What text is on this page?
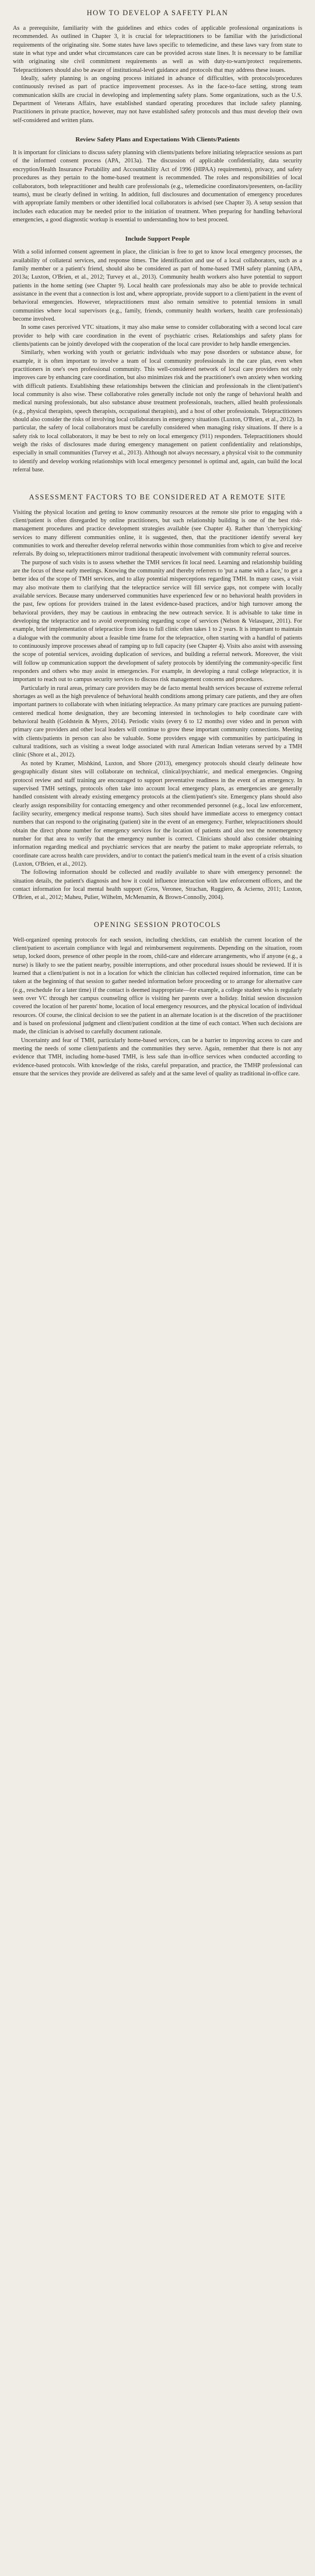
HOW TO DEVELOP A SAFETY PLAN

As a prerequisite, familiarity with the guidelines and ethics codes of applicable professional organizations is recommended. As outlined in Chapter 3, it is crucial for telepractitioners to be familiar with the jurisdictional requirements of the originating site. Some states have laws specific to telemedicine, and these laws vary from state to state in what type and under what circumstances care can be provided across state lines. It is necessary to be familiar with originating site civil commitment requirements as well as with duty-to-warn/protect requirements. Telepractitioners should also be aware of institutional-level guidance and protocols that may address these issues.

Ideally, safety planning is an ongoing process initiated in advance of difficulties, with protocols/procedures continuously revised as part of practice improvement processes. As in the face-to-face setting, strong team communication skills are crucial in developing and implementing safety plans. Some organizations, such as the U.S. Department of Veterans Affairs, have established standard operating procedures that include safety planning. Practitioners in private practice, however, may not have established safety protocols and thus must develop their own self-considered and written plans.

Review Safety Plans and Expectations With Clients/Patients

It is important for clinicians to discuss safety planning with clients/patients before initiating telepractice sessions as part of the informed consent process (APA, 2013a). The discussion of applicable confidentiality, data security encryption/Health Insurance Portability and Accountability Act of 1996 (HIPAA) requirements), privacy, and safety procedures as they pertain to the home-based treatment is recommended. The roles and responsibilities of local collaborators, both telepractitioner and health care professionals (e.g., telemedicine coordinators/presenters, on-facility teams), must be clearly defined in writing. In addition, full disclosures and documentation of emergency procedures with appropriate family members or other identified local collaborators is advised (see Chapter 3). A setup session that includes each education may be needed prior to the initiation of treatment. When preparing for handling behavioral emergencies, a good diagnostic workup is essential to understanding how to best proceed.

Include Support People

With a solid informed consent agreement in place, the clinician is free to get to know local emergency processes, the availability of collateral services, and response times. The identification and use of a local collaborators, such as a family member or a patient's friend, should also be considered as part of home-based TMH safety planning (APA, 2013a; Luxton, O'Brien, et al., 2012; Turvey et al., 2013). Community health workers also have potential to support patients in the home setting (see Chapter 9). Local health care professionals may also be able to provide technical assistance in the event that a connection is lost and, where appropriate, provide support to a client/patient in the event of behavioral emergencies. However, telepractitioners must also remain sensitive to potential tensions in small communities where local supervisors (e.g., family, friends, community health workers, health care professionals) become involved.

In some cases perceived VTC situations, it may also make sense to consider collaborating with a second local care provider to help with care coordination in the event of psychiatric crises. Relationships and safety plans for clients/patients can be jointly developed with the cooperation of the local care provider to help handle emergencies.

Similarly, when working with youth or geriatric individuals who may pose disorders or substance abuse, for example, it is often important to involve a team of local community professionals in the care plan, even when practitioners in one's own professional community. This well-considered network of local care providers not only improves care by enhancing care coordination, but also minimizes risk and the practitioner's own anxiety when working with difficult patients. Establishing these relationships between the clinician and professionals in the client/patient's local community is also wise. These collaborative roles generally include not only the range of behavioral health and medical nursing professionals, but also substance abuse treatment professionals, teachers, allied health professionals (e.g., physical therapists, speech therapists, occupational therapists), and a host of other professionals. Telepractitioners should also consider the risks of involving local collaborators in emergency situations (Luxton, O'Brien, et al., 2012). In particular, the safety of local collaborators must be carefully considered when managing risky situations. If there is a safety risk to local collaborators, it may be best to rely on local emergency (911) responders. Telepractitioners should weigh the risks of disclosures made during emergency management on patient confidentiality and relationships, especially in small communities (Turvey et al., 2013). Although not always necessary, a physical visit to the community to identify and develop working relationships with local emergency personnel is optimal and, again, can build the local referral base.

ASSESSMENT FACTORS TO BE CONSIDERED AT A REMOTE SITE

Visiting the physical location and getting to know community resources at the remote site prior to engaging with a client/patient is often disregarded by online practitioners, but such relationship building is one of the best risk-management procedures and practice development strategies available (see Chapter 4). Rather than 'cherrypicking' services to many different communities online, it is suggested, then, that the practitioner identify several key communities to work and thereafter develop referral networks within those communities from which to give and receive referrals. By doing so, telepractitioners mirror traditional therapeutic involvement with community referral sources.

The purpose of such visits is to assess whether the TMH services fit local need. Learning and relationship building are the focus of these early meetings. Knowing the community and thereby referrers to 'put a name with a face,' to get a better idea of the scope of TMH services, and to allay potential misperceptions regarding TMH. In many cases, a visit may also motivate them to clarifying that the telepractice service will fill service gaps, not compete with locally available services. Because many underserved communities have experienced few or no behavioral health providers in the past, few options for providers trained in the latest evidence-based practices, and/or high turnover among the behavioral providers, they may be cautious in embracing the new outreach service. It is advisable to take time in developing the telepractice and to avoid overpromising regarding scope of services (Nelson & Velasquez, 2011). For example, brief implementation of telepractice from idea to full clinic often takes 1 to 2 years. It is important to maintain a dialogue with the community about a feasible time frame for the telepractice, often starting with a handful of patients to continuously improve processes ahead of ramping up to full capacity (see Chapter 4). Visits also assist with assessing the scope of potential services, avoiding duplication of services, and building a referral network. Moreover, the visit will follow up communication support the development of safety protocols by identifying the community-specific first responders and others who may assist in emergencies. For example, in developing a rural college telepractice, it is important to reach out to campus security services to discuss risk management concerns and procedures.

Particularly in rural areas, primary care providers may be de facto mental health services because of extreme referral shortages as well as the high prevalence of behavioral health conditions among primary care patients, and they are often important partners to collaborate with when initiating telepractice. As many primary care practices are pursuing patient-centered medical home designation, they are becoming interested in technologies to help coordinate care with behavioral health (Goldstein & Myers, 2014). Periodic visits (every 6 to 12 months) over video and in person with primary care providers and other local leaders will continue to grow these important community connections. Meeting with clients/patients in person can also be valuable. Some providers engage with communities by participating in cultural traditions, such as visiting a sweat lodge associated with rural American Indian veterans served by a TMH clinic (Shore et al., 2012).

As noted by Kramer, Mishkind, Luxton, and Shore (2013), emergency protocols should clearly delineate how geographically distant sites will collaborate on technical, clinical/psychiatric, and medical emergencies. Ongoing protocol review and staff training are encouraged to support preventative readiness in the event of an emergency. In supervised TMH settings, protocols often take into account local emergency plans, as emergencies are generally handled consistent with already existing emergency protocols at the client/patient's site. Emergency plans should also clearly assign responsibility for contacting emergency and other recommended personnel (e.g., local law enforcement, facility security, emergency medical response teams). Such sites should have immediate access to emergency contact numbers that can respond to the originating (patient) site in the event of an emergency. Further, telepractitioners should obtain the direct phone number for emergency services for the location of patients and also test the nonemergency number for that area to verify that the emergency number is correct. Clinicians should also consider obtaining information regarding medical and psychiatric services that are nearby the patient to make appropriate referrals, to coordinate care across health care providers, and/or to contact the patient's medical team in the event of a crisis situation (Luxton, O'Brien, et al., 2012).

The following information should be collected and readily available to share with emergency personnel: the situation details, the patient's diagnosis and how it could influence interaction with law enforcement officers, and the contact information for local mental health support (Gros, Veronee, Strachan, Ruggiero, & Acierno, 2011; Luxton, O'Brien, et al., 2012; Maheu, Pulier, Wilhelm, McMenamin, & Brown-Connolly, 2004).

OPENING SESSION PROTOCOLS

Well-organized opening protocols for each session, including checklists, can establish the current location of the client/patient to ascertain compliance with legal and reimbursement requirements. Depending on the situation, room setup, locked doors, presence of other people in the room, child-care and eldercare arrangements, who if anyone (e.g., a nurse) is likely to see the patient nearby, possible interruptions, and other procedural issues should be reviewed. If it is learned that a client/patient is not in a location for which the clinician has collected required information, time can be taken at the beginning of that session to gather needed information before proceeding or to arrange for alternative care (e.g., reschedule for a later time) if the contact is deemed inappropriate—for example, a college student who is regularly seen over VC through her campus counseling office is visiting her parents over a holiday. Initial session discussion covered the location of her parents' home, location of local emergency resources, and the physical location of individual resources. Of course, the clinical decision to see the patient in an alternate location is at the discretion of the practitioner and is based on professional judgment and client/patient condition at the time of each contact. When such decisions are made, the clinician is advised to carefully document rationale.

Uncertainty and fear of TMH, particularly home-based services, can be a barrier to improving access to care and meeting the needs of some client/patients and the communities they serve. Again, remember that there is not any evidence that TMH, including home-based TMH, is less safe than in-office services when conducted according to evidence-based protocols. With knowledge of the risks, careful preparation, and practice, the TMHP professional can ensure that the services they provide are delivered as safely and at the same level of quality as traditional in-office care.
